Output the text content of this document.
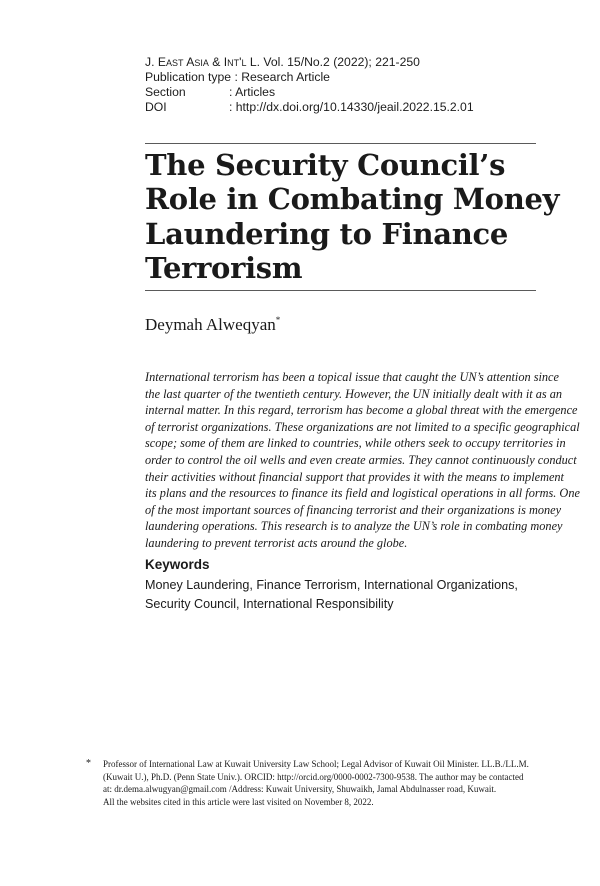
J. East Asia & Int'l L. Vol. 15/No.2 (2022); 221-250
Publication type : Research Article
Section	: Articles
DOI	: http://dx.doi.org/10.14330/jeail.2022.15.2.01
The Security Council’s
Role in Combating Money
Laundering to Finance
Terrorism
Deymah Alweqyan*
International terrorism has been a topical issue that caught the UN’s attention since
the last quarter of the twentieth century. However, the UN initially dealt with it as an
internal matter. In this regard, terrorism has become a global threat with the emergence
of terrorist organizations. These organizations are not limited to a specific geographical
scope; some of them are linked to countries, while others seek to occupy territories in
order to control the oil wells and even create armies. They cannot continuously conduct
their activities without financial support that provides it with the means to implement
its plans and the resources to finance its field and logistical operations in all forms. One
of the most important sources of financing terrorist and their organizations is money
laundering operations. This research is to analyze the UN’s role in combating money
laundering to prevent terrorist acts around the globe.
Keywords
Money Laundering, Finance Terrorism, International Organizations,
Security Council, International Responsibility
* Professor of International Law at Kuwait University Law School; Legal Advisor of Kuwait Oil Minister. LL.B./LL.M.
(Kuwait U.), Ph.D. (Penn State Univ.). ORCID: http://orcid.org/0000-0002-7300-9538. The author may be contacted
at: dr.dema.alwugyan@gmail.com /Address: Kuwait University, Shuwaikh, Jamal Abdulnasser road, Kuwait.
All the websites cited in this article were last visited on November 8, 2022.
